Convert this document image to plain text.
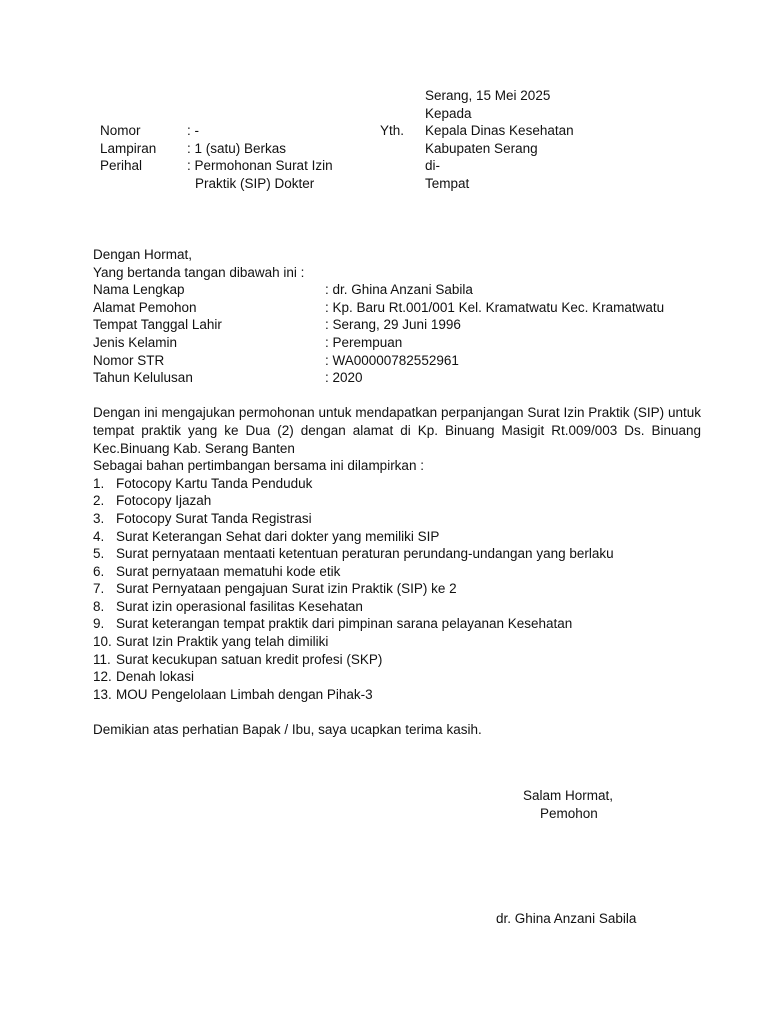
Serang, 15 Mei 2025
Nomor	: -
Lampiran : 1 (satu) Berkas
Perihal	: Permohonan Surat Izin
Praktik (SIP) Dokter
Yth.
Kepada
Kepala Dinas Kesehatan
Kabupaten Serang
di-
Tempat
Dengan Hormat,
Yang bertanda tangan dibawah ini :
Nama Lengkap	: dr. Ghina Anzani Sabila
Alamat Pemohon	: Kp. Baru Rt.001/001 Kel. Kramatwatu Kec. Kramatwatu
Tempat Tanggal Lahir	: Serang, 29 Juni 1996
Jenis Kelamin	: Perempuan
Nomor STR	: WA00000782552961
Tahun Kelulusan	: 2020
Dengan ini mengajukan permohonan untuk mendapatkan perpanjangan Surat Izin Praktik (SIP) untuk tempat praktik yang ke Dua (2) dengan alamat di Kp. Binuang Masigit Rt.009/003 Ds. Binuang Kec.Binuang Kab. Serang Banten
Sebagai bahan pertimbangan bersama ini dilampirkan :
1. Fotocopy Kartu Tanda Penduduk
2. Fotocopy Ijazah
3. Fotocopy Surat Tanda Registrasi
4. Surat Keterangan Sehat dari dokter yang memiliki SIP
5. Surat pernyataan mentaati ketentuan peraturan perundang-undangan yang berlaku
6. Surat pernyataan mematuhi kode etik
7. Surat Pernyataan pengajuan Surat izin Praktik (SIP) ke 2
8. Surat izin operasional fasilitas Kesehatan
9. Surat keterangan tempat praktik dari pimpinan sarana pelayanan Kesehatan
10. Surat Izin Praktik yang telah dimiliki
11. Surat kecukupan satuan kredit profesi (SKP)
12. Denah lokasi
13. MOU Pengelolaan Limbah dengan Pihak-3
Demikian atas perhatian Bapak / Ibu, saya ucapkan terima kasih.
Salam Hormat,
Pemohon
dr. Ghina Anzani Sabila
